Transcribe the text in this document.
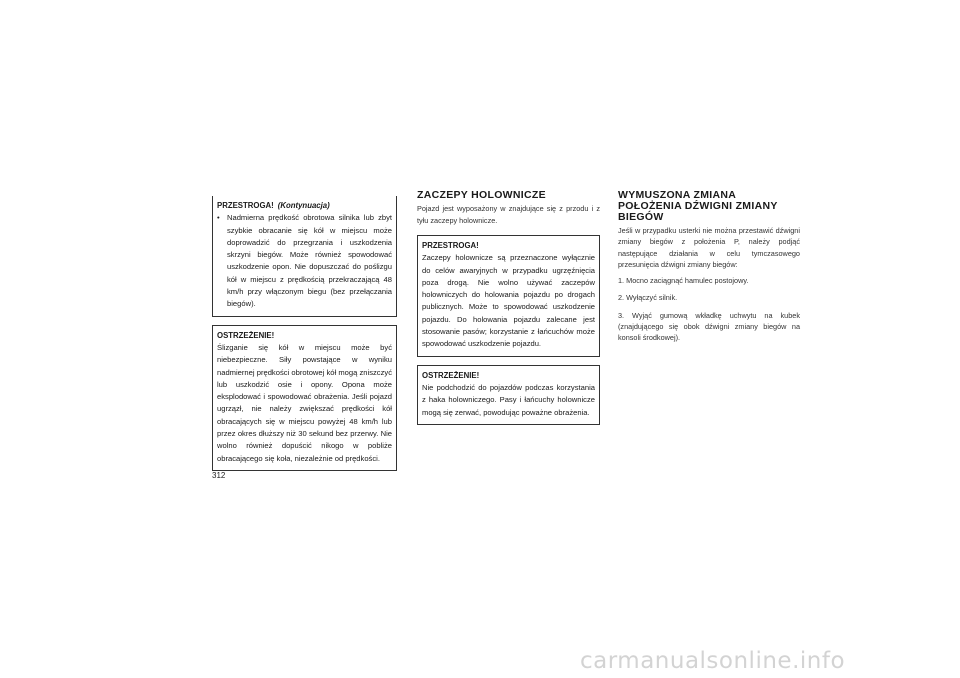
PRZESTROGA! (Kontynuacja)
• Nadmierna prędkość obrotowa silnika lub zbyt szybkie obracanie się kół w miejscu może doprowadzić do przegrzania i uszkodzenia skrzyni biegów. Może również spowodować uszkodzenie opon. Nie dopuszczać do poślizgu kół w miejscu z prędkością przekraczającą 48 km/h przy włączonym biegu (bez przełączania biegów).
OSTRZEŻENIE!
Ślizganie się kół w miejscu może być niebezpieczne. Siły powstające w wyniku nadmiernej prędkości obrotowej kół mogą zniszczyć lub uszkodzić osie i opony. Opona może eksplodować i spowodować obrażenia. Jeśli pojazd ugrzązł, nie należy zwiększać prędkości kół obracających się w miejscu powyżej 48 km/h lub przez okres dłuższy niż 30 sekund bez przerwy. Nie wolno również dopuścić nikogo w pobliże obracającego się koła, niezależnie od prędkości.
ZACZEPY HOLOWNICZE
Pojazd jest wyposażony w znajdujące się z przodu i z tyłu zaczepy holownicze.
PRZESTROGA!
Zaczepy holownicze są przeznaczone wyłącznie do celów awaryjnych w przypadku ugrzęźnięcia poza drogą. Nie wolno używać zaczepów holowniczych do holowania pojazdu po drogach publicznych. Może to spowodować uszkodzenie pojazdu. Do holowania pojazdu zalecane jest stosowanie pasów; korzystanie z łańcuchów może spowodować uszkodzenie pojazdu.
OSTRZEŻENIE!
Nie podchodzić do pojazdów podczas korzystania z haka holowniczego. Pasy i łańcuchy holownicze mogą się zerwać, powodując poważne obrażenia.
WYMUSZONA ZMIANA POŁOŻENIA DŹWIGNI ZMIANY BIEGÓW
Jeśli w przypadku usterki nie można przestawić dźwigni zmiany biegów z położenia P, należy podjąć następujące działania w celu tymczasowego przesunięcia dźwigni zmiany biegów:
1. Mocno zaciągnąć hamulec postojowy.
2. Wyłączyć silnik.
3. Wyjąć gumową wkładkę uchwytu na kubek (znajdującego się obok dźwigni zmiany biegów na konsoli środkowej).
312
carmanualsonline.info
